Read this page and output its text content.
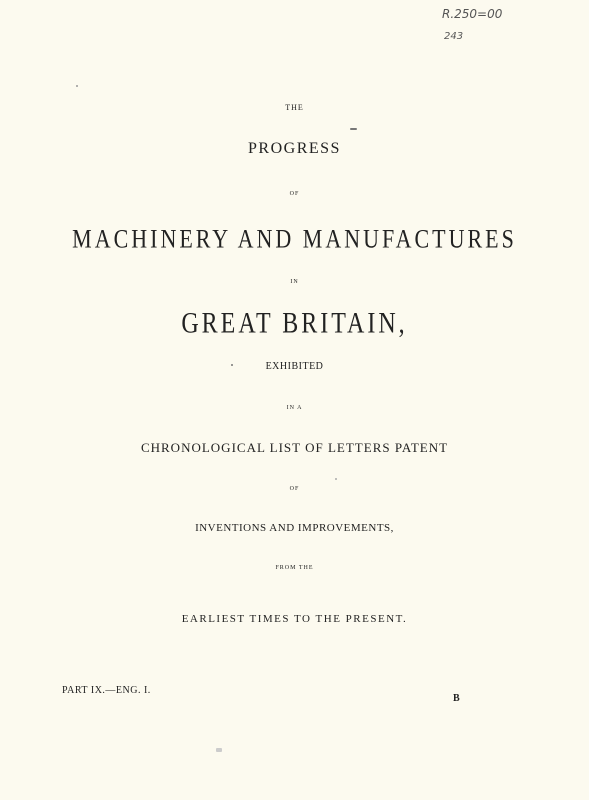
R.250=00
243
THE
PROGRESS
OF
MACHINERY AND MANUFACTURES
IN
GREAT BRITAIN,
EXHIBITED
IN A
CHRONOLOGICAL LIST OF LETTERS PATENT
OF
INVENTIONS AND IMPROVEMENTS,
FROM THE
EARLIEST TIMES TO THE PRESENT.
PART IX.—ENG. I.
B
